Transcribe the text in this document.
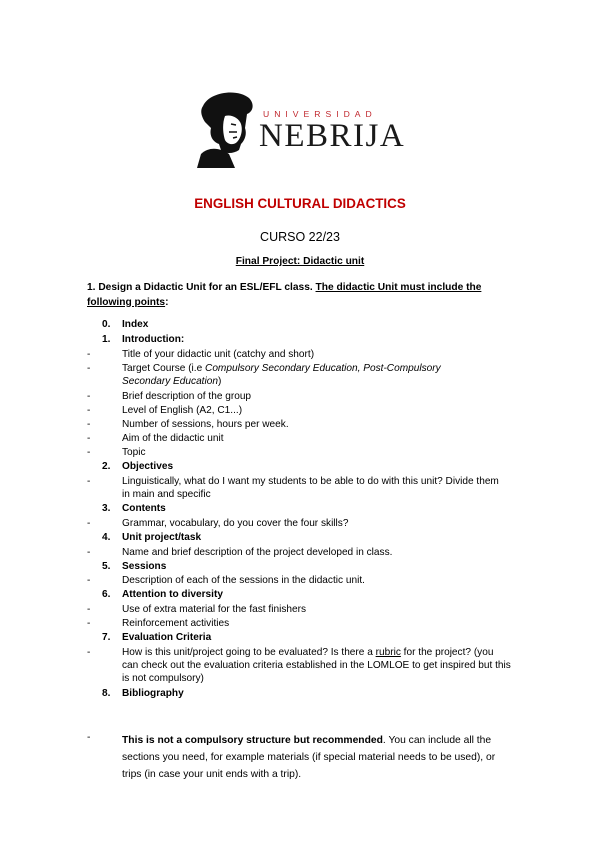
UNIVERSIDAD
NEBRIJA
ENGLISH CULTURAL DIDACTICS
CURSO 22/23
Final Project: Didactic unit
1. Design a Didactic Unit for an ESL/EFL class. The didactic Unit must include the following points:
0. Index
1. Introduction:
-	Title of your didactic unit (catchy and short)
-	Target Course (i.e Compulsory Secondary Education, Post-Compulsory Secondary Education)
-	Brief description of the group
-	Level of English (A2, C1...)
-	Number of sessions, hours per week.
-	Aim of the didactic unit
-	Topic
2. Objectives
-	Linguistically, what do I want my students to be able to do with this unit? Divide them in main and specific
3. Contents
-	Grammar, vocabulary, do you cover the four skills?
4. Unit project/task
-	Name and brief description of the project developed in class.
5. Sessions
-	Description of each of the sessions in the didactic unit.
6. Attention to diversity
-	Use of extra material for the fast finishers
-	Reinforcement activities
7. Evaluation Criteria
-	How is this unit/project going to be evaluated? Is there a rubric for the project? (you can check out the evaluation criteria established in the LOMLOE to get inspired but this is not compulsory)
8. Bibliography
-	This is not a compulsory structure but recommended. You can include all the sections you need, for example materials (if special material needs to be used), or trips (in case your unit ends with a trip).
